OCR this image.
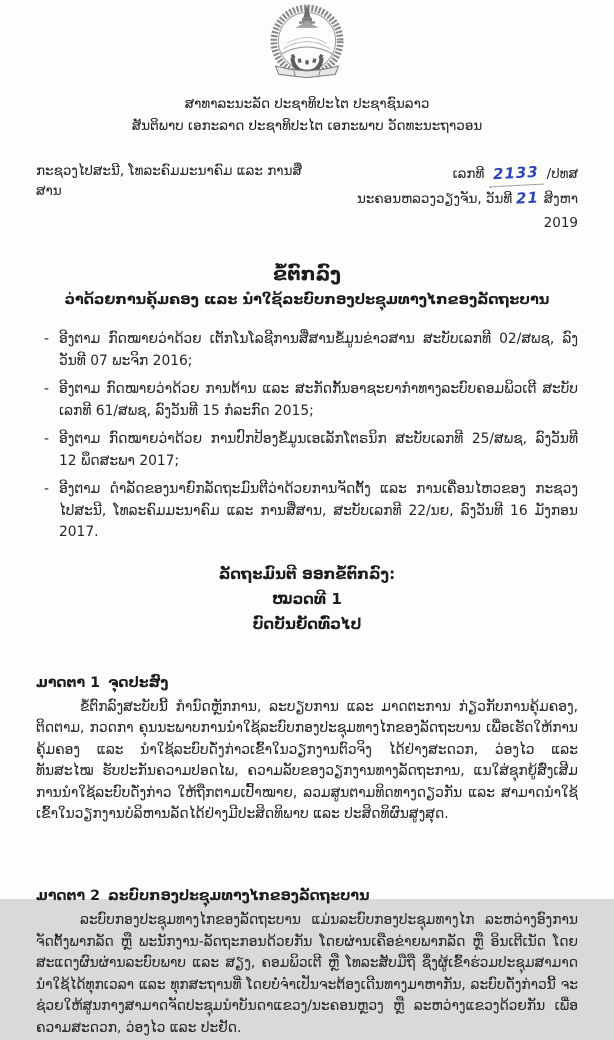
ສາທາລະນະລັດ ປະຊາທິປະໄຕ ປະຊາຊົນລາວ
ສັນຕິພາບ ເອກະລາດ ປະຊາທິປະໄຕ ເອກະພາບ ວັດທະນະຖາວອນ
ກະຊວງໄປສະນີ, ໂທລະຄົມມະນາຄົມ ແລະ ການສື່ສານ
ເລກທີ 2133 /ປທສ
ນະຄອນຫລວງວຽງຈັນ, ວັນທີ 21 ສິງຫາ 2019
ຂໍ້ຕົກລົງ
ວ່າດ້ວຍການຄຸ້ມຄອງ ແລະ ນຳໃຊ້ລະບົບກອງປະຊຸມທາງໄກຂອງລັດຖະບານ
- ອີງຕາມ ກົດໝາຍວ່າດ້ວຍ ເຕັກໂນໂລຊີການສື່ສານຂໍ້ມູນຂ່າວສານ ສະບັບເລກທີ 02/ສພຊ, ລົງວັນທີ 07 ພະຈິກ 2016;
- ອີງຕາມ ກົດໝາຍວ່າດ້ວຍ ການຕ້ານ ແລະ ສະກັດກັ້ນອາຊະຍາກຳທາງລະບົບຄອມພິວເຕີ ສະບັບເລກທີ 61/ສພຊ, ລົງວັນທີ 15 ກໍລະກົດ 2015;
- ອີງຕາມ ກົດໝາຍວ່າດ້ວຍ ການປົກປ້ອງຂໍ້ມູນເອເລັກໂຕຣນິກ ສະບັບເລກທີ 25/ສພຊ, ລົງວັນທີ 12 ພຶດສະພາ 2017;
- ອີງຕາມ ດຳລັດຂອງນາຍົກລັດຖະມົນຕີວ່າດ້ວຍການຈັດຕັ້ງ ແລະ ການເຄື່ອນໄຫວຂອງ ກະຊວງໄປສະນີ, ໂທລະຄົມມະນາຄົມ ແລະ ການສື່ສານ, ສະບັບເລກທີ 22/ນຍ, ລົງວັນທີ 16 ມັງກອນ 2017.
ລັດຖະມົນຕີ ອອກຂໍ້ຕົກລົງ:
ໝວດທີ 1
ບົດບັນຍັດທົ່ວໄປ
ມາດຕາ 1 ຈຸດປະສົງ
ຂໍ້ຕົກລົງສະບັບນີ້ ກຳນົດຫຼັກການ, ລະບຽບການ ແລະ ມາດຕະການ ກ່ຽວກັບການຄຸ້ມຄອງ, ຕິດຕາມ, ກວດກາ ຄຸນນະພາບການນຳໃຊ້ລະບົບກອງປະຊຸມທາງໄກຂອງລັດຖະບານ ເພື່ອເຮັດໃຫ້ການຄຸ້ມຄອງ ແລະ ນຳໃຊ້ລະບົບດັ່ງກ່າວເຂົ້າໃນວຽກງານຕົວຈິງ ໄດ້ຢ່າງສະດວກ, ວ່ອງໄວ ແລະ ທັນສະໄໝ ຮັບປະກັນຄວາມປອດໄພ, ຄວາມລັບຂອງວຽກງານທາງລັດຖະການ, ແນໃສ່ຊຸກຍູ້ສົ່ງເສີມການນຳໃຊ້ລະບົບດັ່ງກ່າວ ໃຫ້ຖືກຕາມເປົ້າໝາຍ, ລວມສູນຕາມທິດທາງດຽວກັນ ແລະ ສາມາດນຳໃຊ້ເຂົ້າໃນວຽກງານບໍລິຫານລັດໄດ້ຢ່າງມີປະສິດທິພາບ ແລະ ປະສິດທິຜົນສູງສຸດ.
ມາດຕາ 2 ລະບົບກອງປະຊຸມທາງໄກຂອງລັດຖະບານ
ລະບົບກອງປະຊຸມທາງໄກຂອງລັດຖະບານ ແມ່ນລະບົບກອງປະຊຸມທາງໄກ ລະຫວ່າງອົງການຈັດຕັ້ງພາກລັດ ຫຼື ພະນັກງານ-ລັດຖະກອນດ້ວຍກັນ ໂດຍຜ່ານເຄືອຂ່າຍພາກລັດ ຫຼື ອິນເຕີເນັດ ໂດຍສະແດງຜົນຜ່ານລະບົບພາບ ແລະ ສຽງ, ຄອມພິວເຕີ ຫຼື ໂທລະສັບມືຖື ຊຶ່ງຜູ້ເຂົ້າຮ່ວມປະຊຸມສາມາດນຳໃຊ້ໄດ້ທຸກເວລາ ແລະ ທຸກສະຖານທີ່ ໂດຍບໍ່ຈຳເປັນຈະຕ້ອງເດີນທາງມາຫາກັນ, ລະບົບດັ່ງກ່າວນີ້ ຈະຊ່ວຍໃຫ້ສູນກາງສາມາດຈັດປະຊຸມນຳບັນດາແຂວງ/ນະຄອນຫຼວງ ຫຼື ລະຫວ່າງແຂວງດ້ວຍກັນ ເພື່ອຄວາມສະດວກ, ວ່ອງໄວ ແລະ ປະຢັດ.
